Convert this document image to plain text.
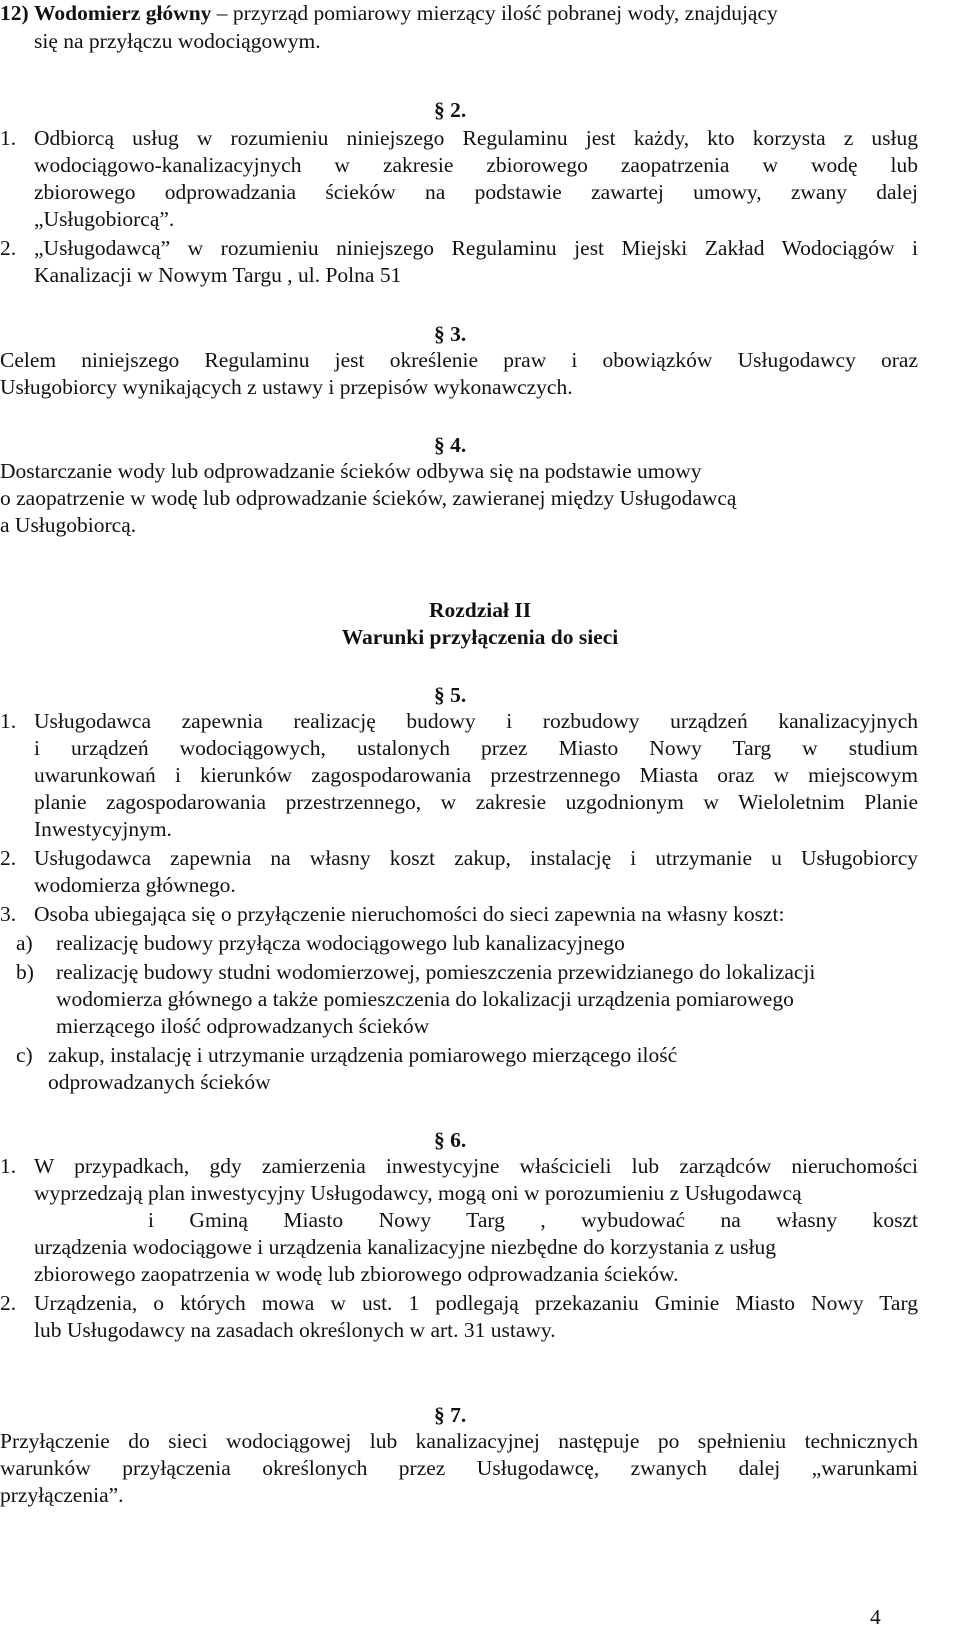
12) Wodomierz główny – przyrząd pomiarowy mierzący ilość pobranej wody, znajdujący
się na przyłączu wodociągowym.
§ 2.
1. Odbiorcą usług w rozumieniu niniejszego Regulaminu jest każdy, kto korzysta z usług
wodociągowo-kanalizacyjnych w zakresie zbiorowego zaopatrzenia w wodę lub
zbiorowego odprowadzania ścieków na podstawie zawartej umowy, zwany dalej
„Usługobiorcą”.
2. „Usługodawcą” w rozumieniu niniejszego Regulaminu jest Miejski Zakład Wodociągów i
Kanalizacji w Nowym Targu , ul. Polna 51
§ 3.
Celem niniejszego Regulaminu jest określenie praw i obowiązków Usługodawcy oraz
Usługobiorcy wynikających z ustawy i przepisów wykonawczych.
§ 4.
Dostarczanie wody lub odprowadzanie ścieków odbywa się na podstawie umowy
o zaopatrzenie w wodę lub odprowadzanie ścieków, zawieranej między Usługodawcą
a Usługobiorcą.
Rozdział II
Warunki przyłączenia do sieci
§ 5.
1. Usługodawca zapewnia realizację budowy i rozbudowy urządzeń kanalizacyjnych
i urządzeń wodociągowych, ustalonych przez Miasto Nowy Targ w studium
uwarunkowań i kierunków zagospodarowania przestrzennego Miasta oraz w miejscowym
planie zagospodarowania przestrzennego, w zakresie uzgodnionym w Wieloletnim Planie
Inwestycyjnym.
2. Usługodawca zapewnia na własny koszt zakup, instalację i utrzymanie u Usługobiorcy
wodomierza głównego.
3. Osoba ubiegająca się o przyłączenie nieruchomości do sieci zapewnia na własny koszt:
a) realizację budowy przyłącza wodociągowego lub kanalizacyjnego
b) realizację budowy studni wodomierzowej, pomieszczenia przewidzianego do lokalizacji
wodomierza głównego a także pomieszczenia do lokalizacji urządzenia pomiarowego
mierzącego ilość odprowadzanych ścieków
c) zakup, instalację i utrzymanie urządzenia pomiarowego mierzącego ilość
odprowadzanych ścieków
§ 6.
1. W przypadkach, gdy zamierzenia inwestycyjne właścicieli lub zarządców nieruchomości
wyprzedzają plan inwestycyjny Usługodawcy, mogą oni w porozumieniu z Usługodawcą
i Gminą Miasto Nowy Targ , wybudować na własny koszt
urządzenia wodociągowe i urządzenia kanalizacyjne niezbędne do korzystania z usług
zbiorowego zaopatrzenia w wodę lub zbiorowego odprowadzania ścieków.
2. Urządzenia, o których mowa w ust. 1 podlegają przekazaniu Gminie Miasto Nowy Targ
lub Usługodawcy na zasadach określonych w art. 31 ustawy.
§ 7.
Przyłączenie do sieci wodociągowej lub kanalizacyjnej następuje po spełnieniu technicznych
warunków przyłączenia określonych przez Usługodawcę, zwanych dalej „warunkami
przyłączenia”.
4
